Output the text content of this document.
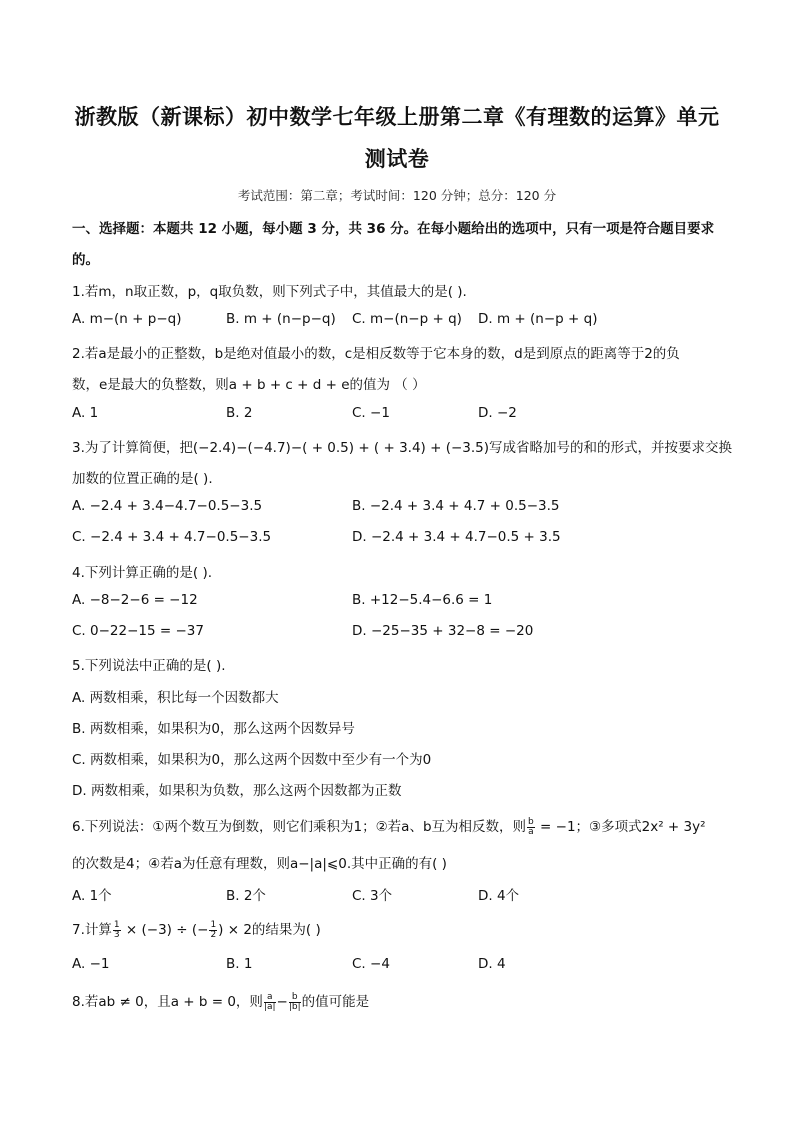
浙教版（新课标）初中数学七年级上册第二章《有理数的运算》单元
测试卷
考试范围：第二章；考试时间：120 分钟；总分：120 分
一、选择题：本题共 12 小题，每小题 3 分，共 36 分。在每小题给出的选项中，只有一项是符合题目要求
的。
1.若m，n取正数，p，q取负数，则下列式子中，其值最大的是( ).
A. m−(n + p−q)	B. m + (n−p−q) C. m−(n−p + q) D. m + (n−p + q)
2.若a是最小的正整数，b是绝对值最小的数，c是相反数等于它本身的数，d是到原点的距离等于2的负
数，e是最大的负整数，则a + b + c + d + e的值为 （ ）
A. 1	B. 2	C. −1	D. −2
3.为了计算简便，把(−2.4)−(−4.7)−( + 0.5) + ( + 3.4) + (−3.5)写成省略加号的和的形式，并按要求交换
加数的位置正确的是( ).
A. −2.4 + 3.4−4.7−0.5−3.5	B. −2.4 + 3.4 + 4.7 + 0.5−3.5
C. −2.4 + 3.4 + 4.7−0.5−3.5	D. −2.4 + 3.4 + 4.7−0.5 + 3.5
4.下列计算正确的是( ).
A. −8−2−6 = −12	B. +12−5.4−6.6 = 1
C. 0−22−15 = −37	D. −25−35 + 32−8 = −20
5.下列说法中正确的是( ).
A. 两数相乘，积比每一个因数都大
B. 两数相乘，如果积为0，那么这两个因数异号
C. 两数相乘，如果积为0，那么这两个因数中至少有一个为0
D. 两数相乘，如果积为负数，那么这两个因数都为正数
6.下列说法：①两个数互为倒数，则它们乘积为1；②若a、b互为相反数，则 $\frac{b}{a} = -1$；③多项式2x² + 3y²
的次数是4；④若a为任意有理数，则a−|a|⩽0.其中正确的有( )
A. 1个	B. 2个	C. 3个	D. 4个
7.计算 $\frac{1}{3} \times (-3)$ ÷ (− $\frac{1}{2}$ ) × 2的结果为( )
A. −1	B. 1	C. −4	D. 4
8.若ab ≠ 0，且a + b = 0，则 $\frac{a}{|a|} - \frac{b}{|b|}$ 的值可能是
